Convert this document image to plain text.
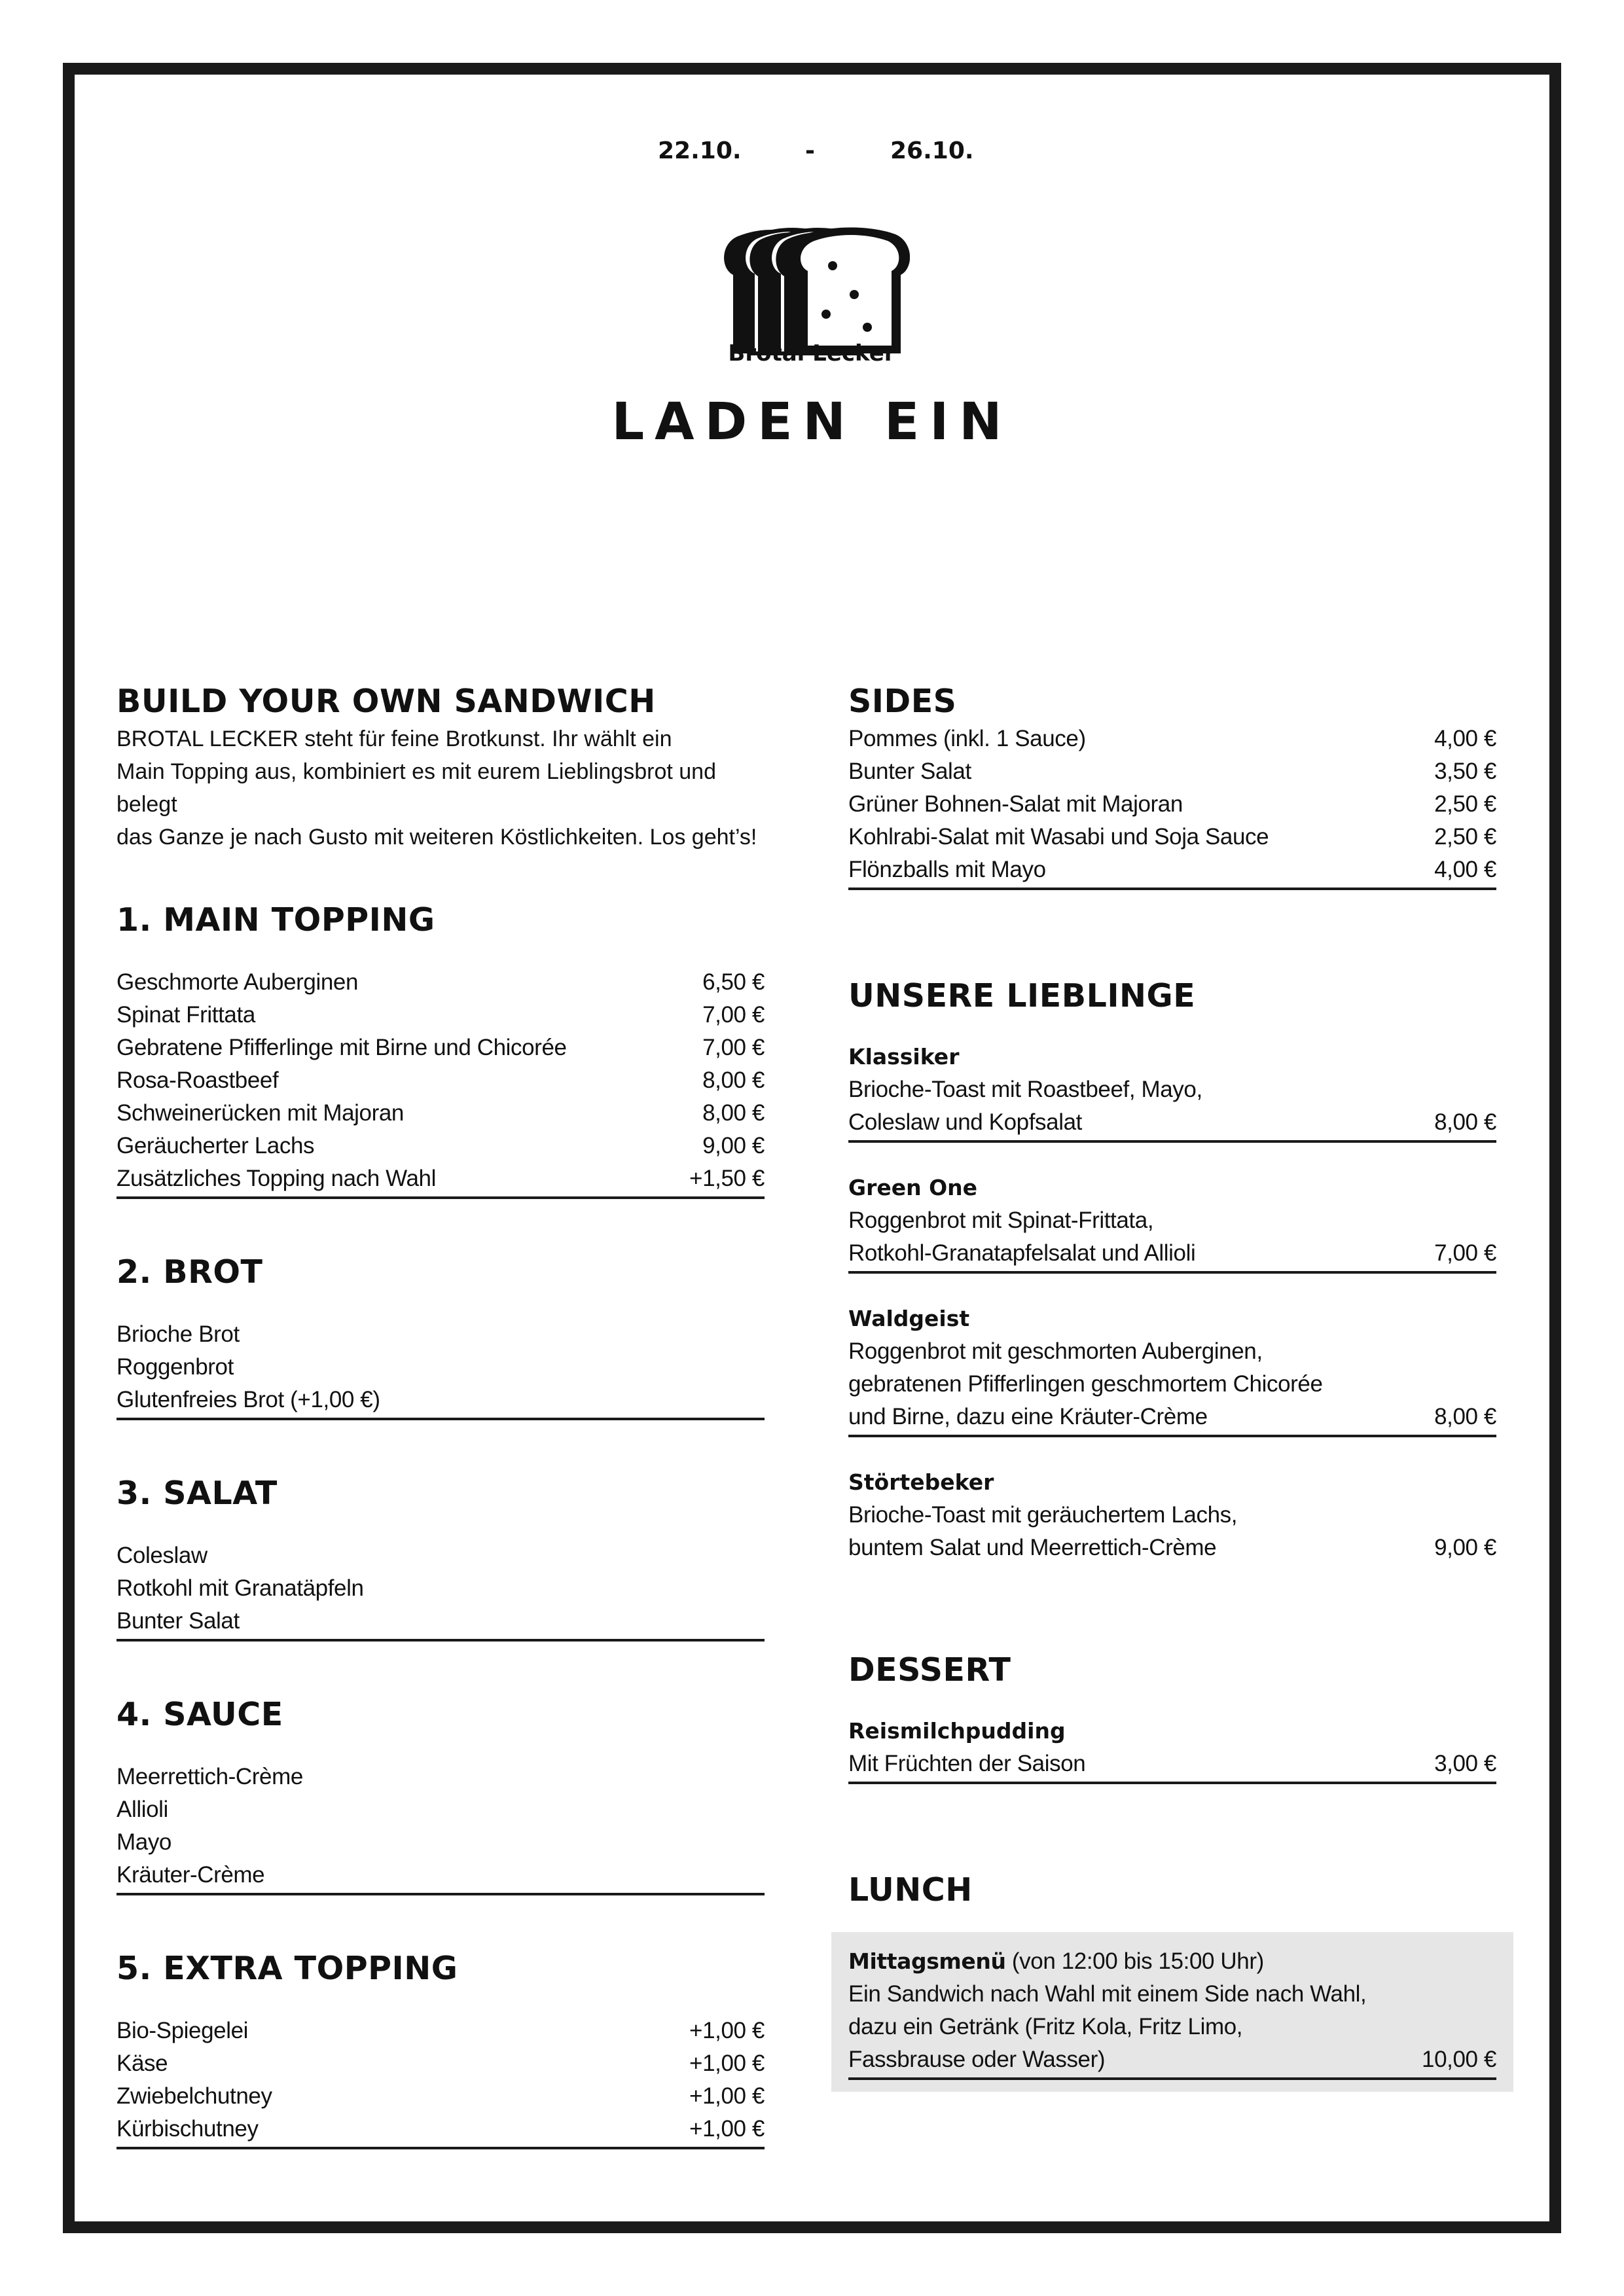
22.10.	-	26.10.
Brotal Lecker
LADEN EIN
BUILD YOUR OWN SANDWICH

BROTAL LECKER steht für feine Brotkunst. Ihr wählt ein
Main Topping aus, kombiniert es mit eurem Lieblingsbrot und belegt
das Ganze je nach Gusto mit weiteren Köstlichkeiten. Los geht’s!

1. MAIN TOPPING
Geschmorte Auberginen	6,50 €
Spinat Frittata	7,00 €
Gebratene Pfifferlinge mit Birne und Chicorée	7,00 €
Rosa-Roastbeef	8,00 €
Schweinerücken mit Majoran	8,00 €
Geräucherter Lachs	9,00 €
Zusätzliches Topping nach Wahl	+1,50 €
2. BROT
Brioche Brot
Roggenbrot
Glutenfreies Brot (+1,00 €)
3. SALAT
Coleslaw
Rotkohl mit Granatäpfeln
Bunter Salat
4. SAUCE
Meerrettich-Crème
Allioli
Mayo
Kräuter-Crème
5. EXTRA TOPPING
Bio-Spiegelei	+1,00 €
Käse	+1,00 €
Zwiebelchutney	+1,00 €
Kürbischutney	+1,00 €
SIDES
Pommes (inkl. 1 Sauce)	4,00 €
Bunter Salat	3,50 €
Grüner Bohnen-Salat mit Majoran	2,50 €
Kohlrabi-Salat mit Wasabi und Soja Sauce	2,50 €
Flönzballs mit Mayo	4,00 €
UNSERE LIEBLINGE
Klassiker
Brioche-Toast mit Roastbeef, Mayo,
Coleslaw und Kopfsalat	8,00 €
Green One
Roggenbrot mit Spinat-Frittata,
Rotkohl-Granatapfelsalat und Allioli	7,00 €
Waldgeist
Roggenbrot mit geschmorten Auberginen,
gebratenen Pfifferlingen geschmortem Chicorée
und Birne, dazu eine Kräuter-Crème	8,00 €
Störtebeker
Brioche-Toast mit geräuchertem Lachs,
buntem Salat und Meerrettich-Crème	9,00 €
DESSERT
Reismilchpudding
Mit Früchten der Saison	3,00 €
LUNCH
Mittagsmenü (von 12:00 bis 15:00 Uhr)
Ein Sandwich nach Wahl mit einem Side nach Wahl,
dazu ein Getränk (Fritz Kola, Fritz Limo,
Fassbrause oder Wasser)	10,00 €
